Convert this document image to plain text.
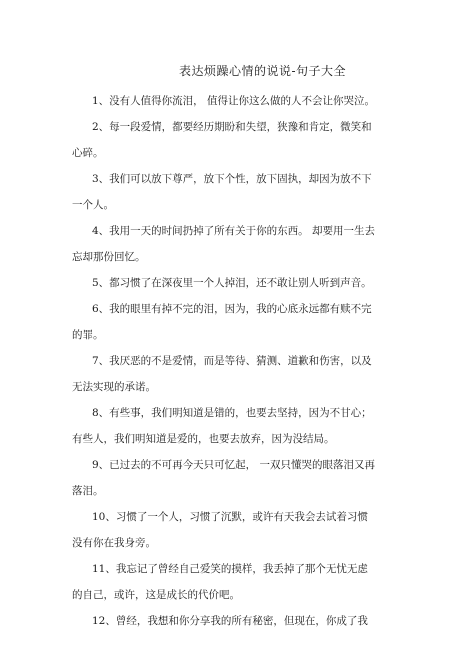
表达烦躁心情的说说-句子大全
1、没有人值得你流泪， 值得让你这么做的人不会让你哭泣。
2、每一段爱情，都要经历期盼和失望，狭豫和肯定，微笑和
心碎。
3、我们可以放下尊严，放下个性，放下固执，却因为放不下
一个人。
4、我用一天的时间扔掉了所有关于你的东西。 却要用一生去
忘却那份回忆。
5、都习惯了在深夜里一个人掉泪，还不敢让别人听到声音。
6、我的眼里有掉不完的泪，因为，我的心底永远都有赎不完
的罪。
7、我厌恶的不是爱情，而是等待、猜测、道歉和伤害，以及
无法实现的承诺。
8、有些事，我们明知道是错的，也要去坚持，因为不甘心；
有些人，我们明知道是爱的，也要去放弃，因为没结局。
9、已过去的不可再今天只可忆起， 一双只懂哭的眼落泪又再
落泪。
10、习惯了一个人，习惯了沉默，或许有天我会去试着习惯
没有你在我身旁。
11、我忘记了曾经自己爱笑的摸样，我丢掉了那个无忧无虑
的自己，或许，这是成长的代价吧。
12、曾经，我想和你分享我的所有秘密，但现在，你成了我
